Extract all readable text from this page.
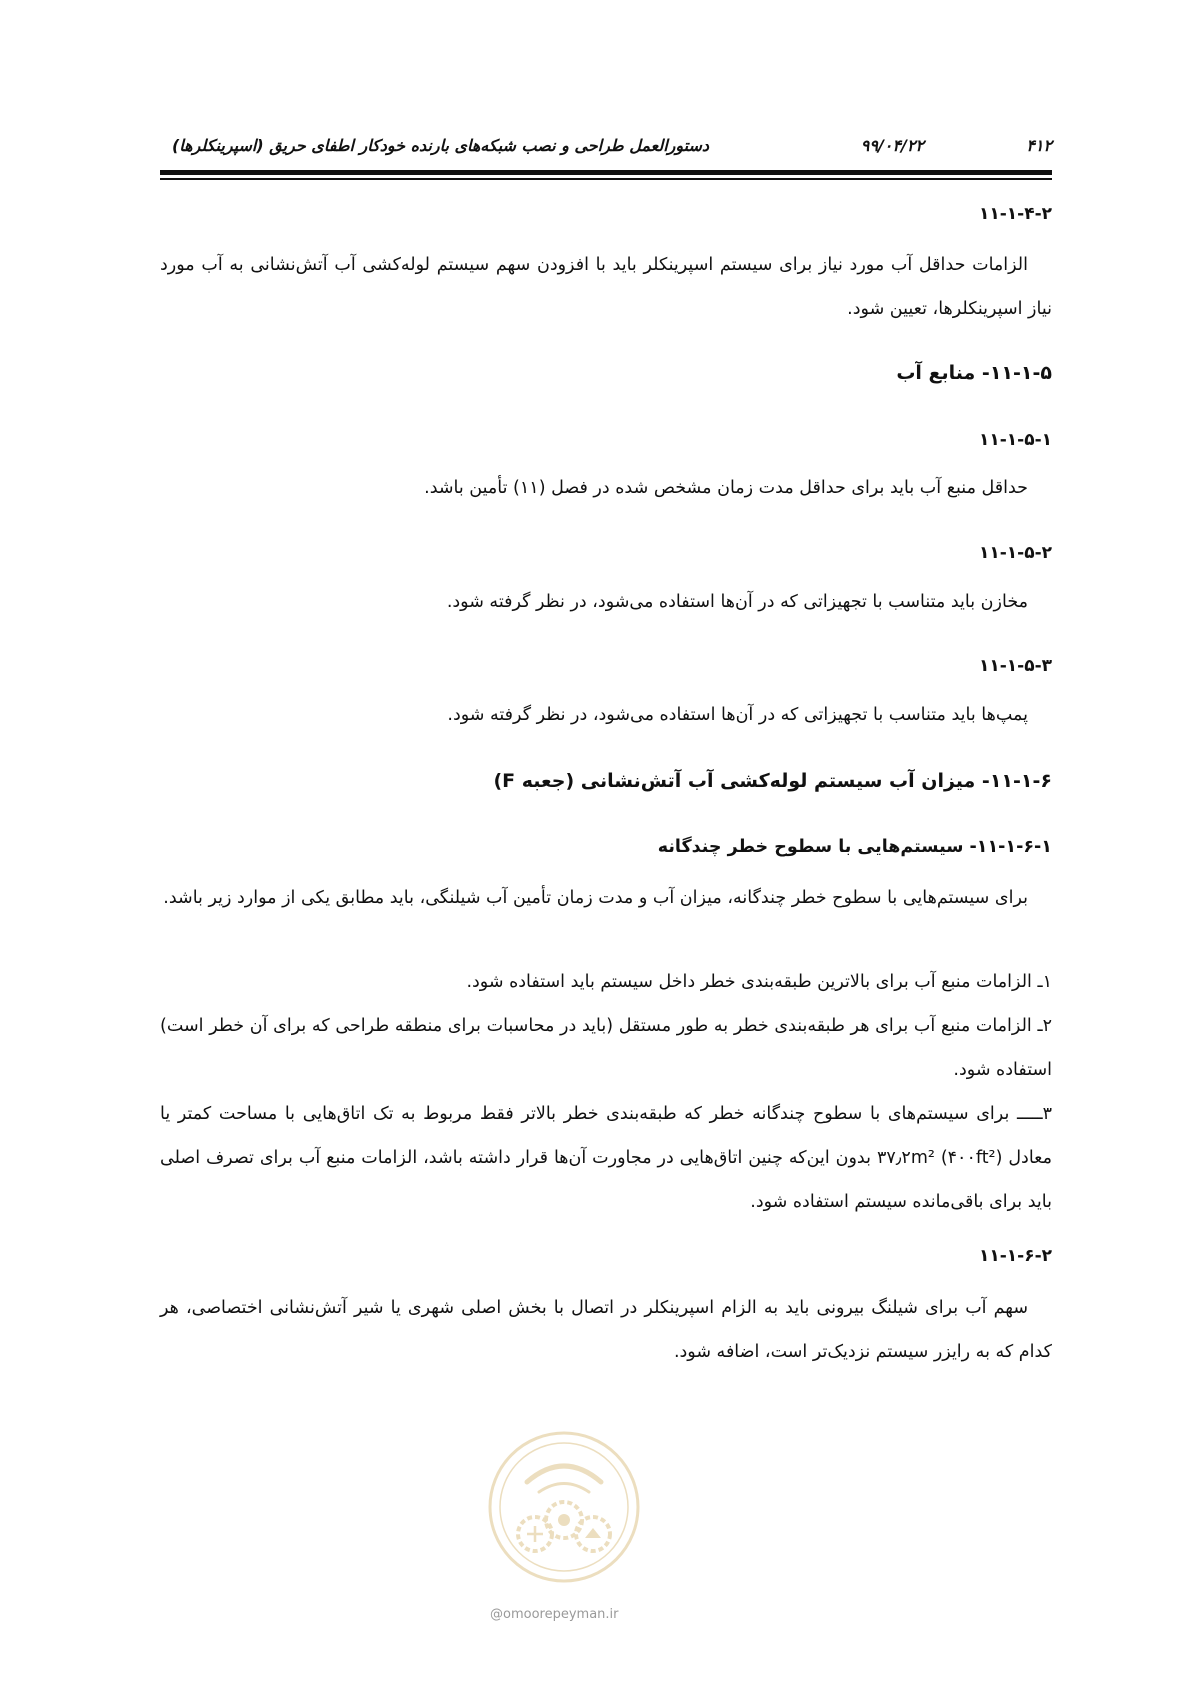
۴۱۲
۹۹/۰۴/۲۲
دستورالعمل طراحی و نصب شبکه‌های بارنده خودکار اطفای حریق (اسپرینکلرها)
۱۱-۱-۴-۲
الزامات حداقل آب مورد نیاز برای سیستم اسپرینکلر باید با افزودن سهم سیستم لوله‌کشی آب آتش‌نشانی به آب مورد نیاز اسپرینکلرها، تعیین شود.
۱۱-۱-۵- منابع آب
۱۱-۱-۵-۱
حداقل منبع آب باید برای حداقل مدت زمان مشخص شده در فصل (۱۱) تأمین باشد.
۱۱-۱-۵-۲
مخازن باید متناسب با تجهیزاتی که در آن‌ها استفاده می‌شود، در نظر گرفته شود.
۱۱-۱-۵-۳
پمپ‌ها باید متناسب با تجهیزاتی که در آن‌ها استفاده می‌شود، در نظر گرفته شود.
۱۱-۱-۶- میزان آب سیستم لوله‌کشی آب آتش‌نشانی (جعبه F)
۱۱-۱-۶-۱- سیستم‌هایی با سطوح خطر چندگانه
برای سیستم‌هایی با سطوح خطر چندگانه، میزان آب و مدت زمان تأمین آب شیلنگی، باید مطابق یکی از موارد زیر باشد.
۱ـ الزامات منبع آب برای بالاترین طبقه‌بندی خطر داخل سیستم باید استفاده شود.
۲ـ الزامات منبع آب برای هر طبقه‌بندی خطر به طور مستقل (باید در محاسبات برای منطقه طراحی که برای آن خطر است) استفاده شود.
۳ـــــ برای سیستم‌های با سطوح چندگانه خطر که طبقه‌بندی خطر بالاتر فقط مربوط به تک اتاق‌هایی با مساحت کمتر یا معادل ۳۷٫۲m² (۴۰۰ft²) بدون این‌که چنین اتاق‌هایی در مجاورت آن‌ها قرار داشته باشد، الزامات منبع آب برای تصرف اصلی باید برای باقی‌مانده سیستم استفاده شود.
۱۱-۱-۶-۲
سهم آب برای شیلنگ بیرونی باید به الزام اسپرینکلر در اتصال با بخش اصلی شهری یا شیر آتش‌نشانی اختصاصی، هر کدام که به رایزر سیستم نزدیک‌تر است، اضافه شود.
@omoorepeyman.ir
